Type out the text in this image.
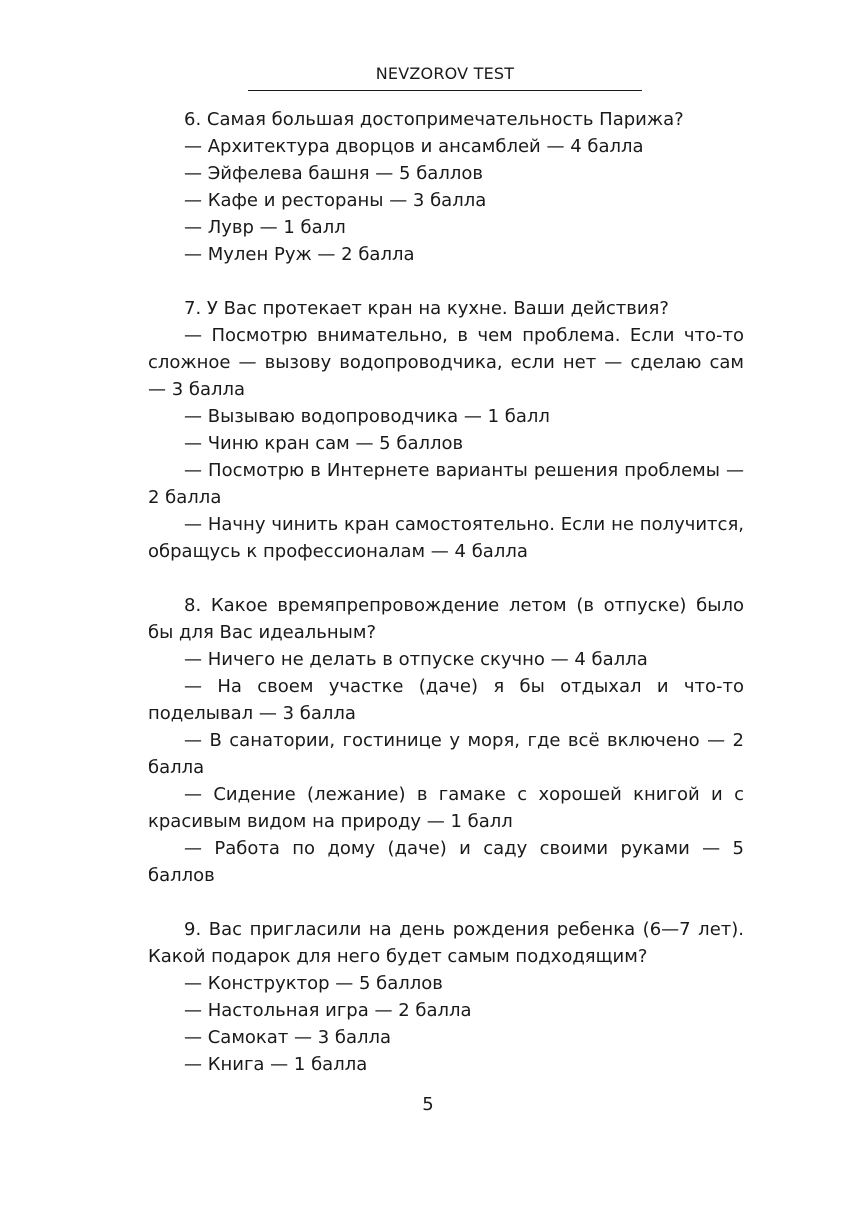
NEVZOROV TEST

6. Самая большая достопримечательность Парижа?

— Архитектура дворцов и ансамблей — 4 балла

— Эйфелева башня — 5 баллов

— Кафе и рестораны — 3 балла

— Лувр — 1 балл

— Мулен Руж — 2 балла

7. У Вас протекает кран на кухне. Ваши действия?

— Посмотрю внимательно, в чем проблема. Если что-то сложное — вызову водопроводчика, если нет — сделаю сам — 3 балла

— Вызываю водопроводчика — 1 балл

— Чиню кран сам — 5 баллов

— Посмотрю в Интернете варианты решения проблемы — 2 балла

— Начну чинить кран самостоятельно. Если не получится, обращусь к профессионалам — 4 балла

8. Какое времяпрепровождение летом (в отпуске) было бы для Вас идеальным?

— Ничего не делать в отпуске скучно — 4 балла

— На своем участке (даче) я бы отдыхал и что-то поделывал — 3 балла

— В санатории, гостинице у моря, где всё включено — 2 балла

— Сидение (лежание) в гамаке с хорошей книгой и с красивым видом на природу — 1 балл

— Работа по дому (даче) и саду своими руками — 5 баллов

9. Вас пригласили на день рождения ребенка (6—7 лет). Какой подарок для него будет самым подходящим?

— Конструктор — 5 баллов

— Настольная игра — 2 балла

— Самокат — 3 балла

— Книга — 1 балла

5
